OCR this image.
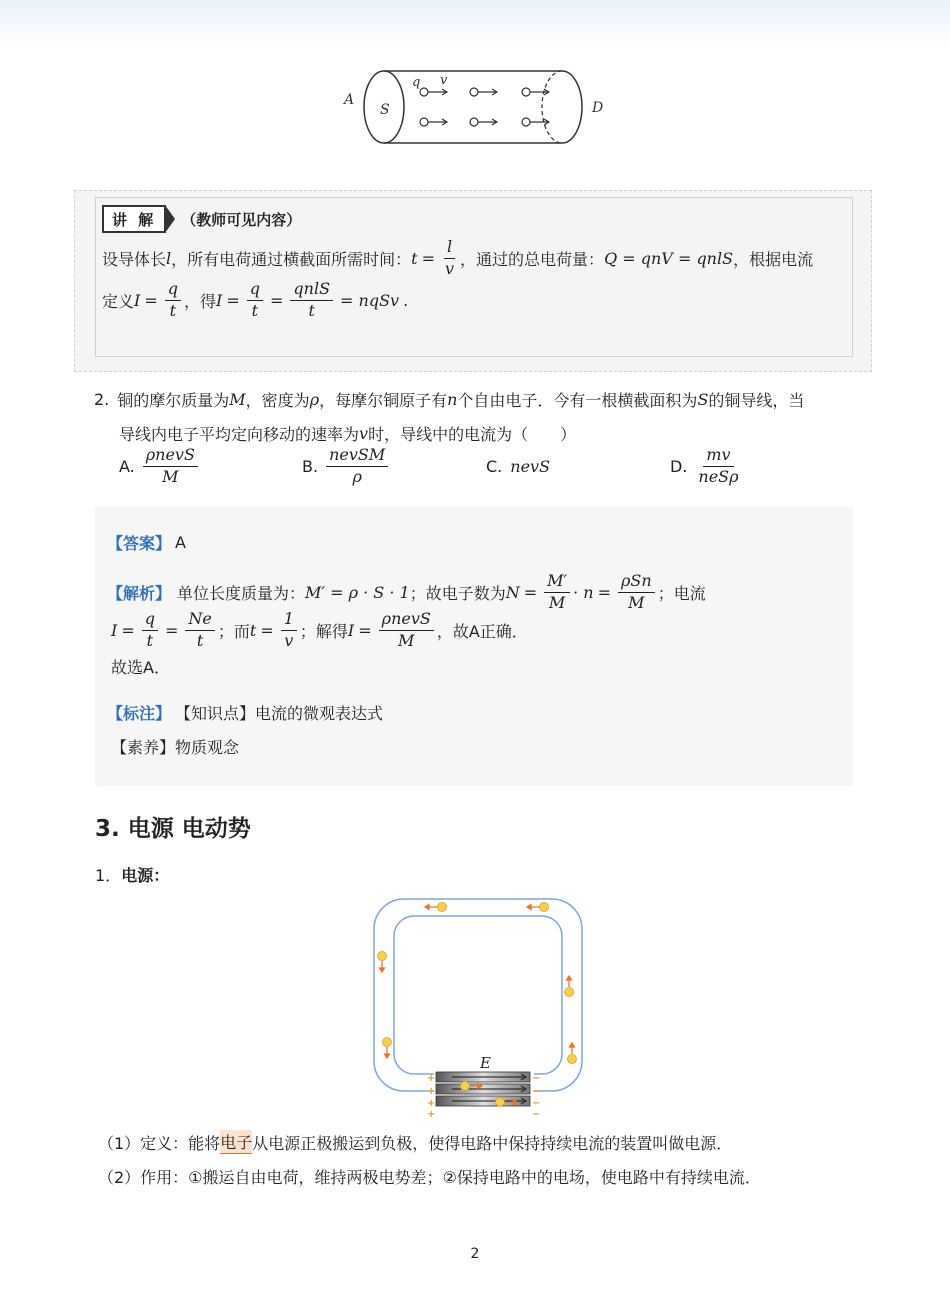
A
S	D
q v
讲 解	（教师可见内容）
设导体长 l ，所有电荷通过横截面所需时间： $t = \frac{l}{v}$ ，通过的总电荷量： Q = qnV = qnlS ，根据电流
定义 $I = \frac{q}{t}$ ，得 $I = \frac{q}{t} = \frac{\text{qnlS}}{t}$ = nqSv .
2. 铜的摩尔质量为 M ，密度为 ρ ，每摩尔铜原子有 n 个自由电子．今有一根横截面积为 S 的铜导线，当
导线内电子平均定向移动的速率为 v 时，导线中的电流为（　　）
A. $\frac{\text{ρnevS}}{M}$	B. $\frac{\text{nevSM}}{\rho}$	C. nevS	D. $\frac{mv}{\text{neSρ}}$
【答案】 A
【解析】 单位长度质量为： M′ = ρ · S · 1 ；故电子数为 $N = \frac{M'}{M} \cdot n = \frac{\text{ρSn}}{M}$ ；电流
$I = \frac{q}{t} = \frac{Ne}{t}$ ；而 $t = \frac{1}{v}$ ；解得 $I = \frac{\text{ρnevS}}{M}$ ，故A正确．
故选A．
【标注】 【知识点】电流的微观表达式
【素养】物质观念
3. 电源 电动势
1． 电源：
+
+
+
+
−
−
−
−
E
（1）定义：能将 电子 从电源正极搬运到负极，使得电路中保持持续电流的装置叫做电源．
（2）作用：①搬运自由电荷，维持两极电势差；②保持电路中的电场，使电路中有持续电流．
2
